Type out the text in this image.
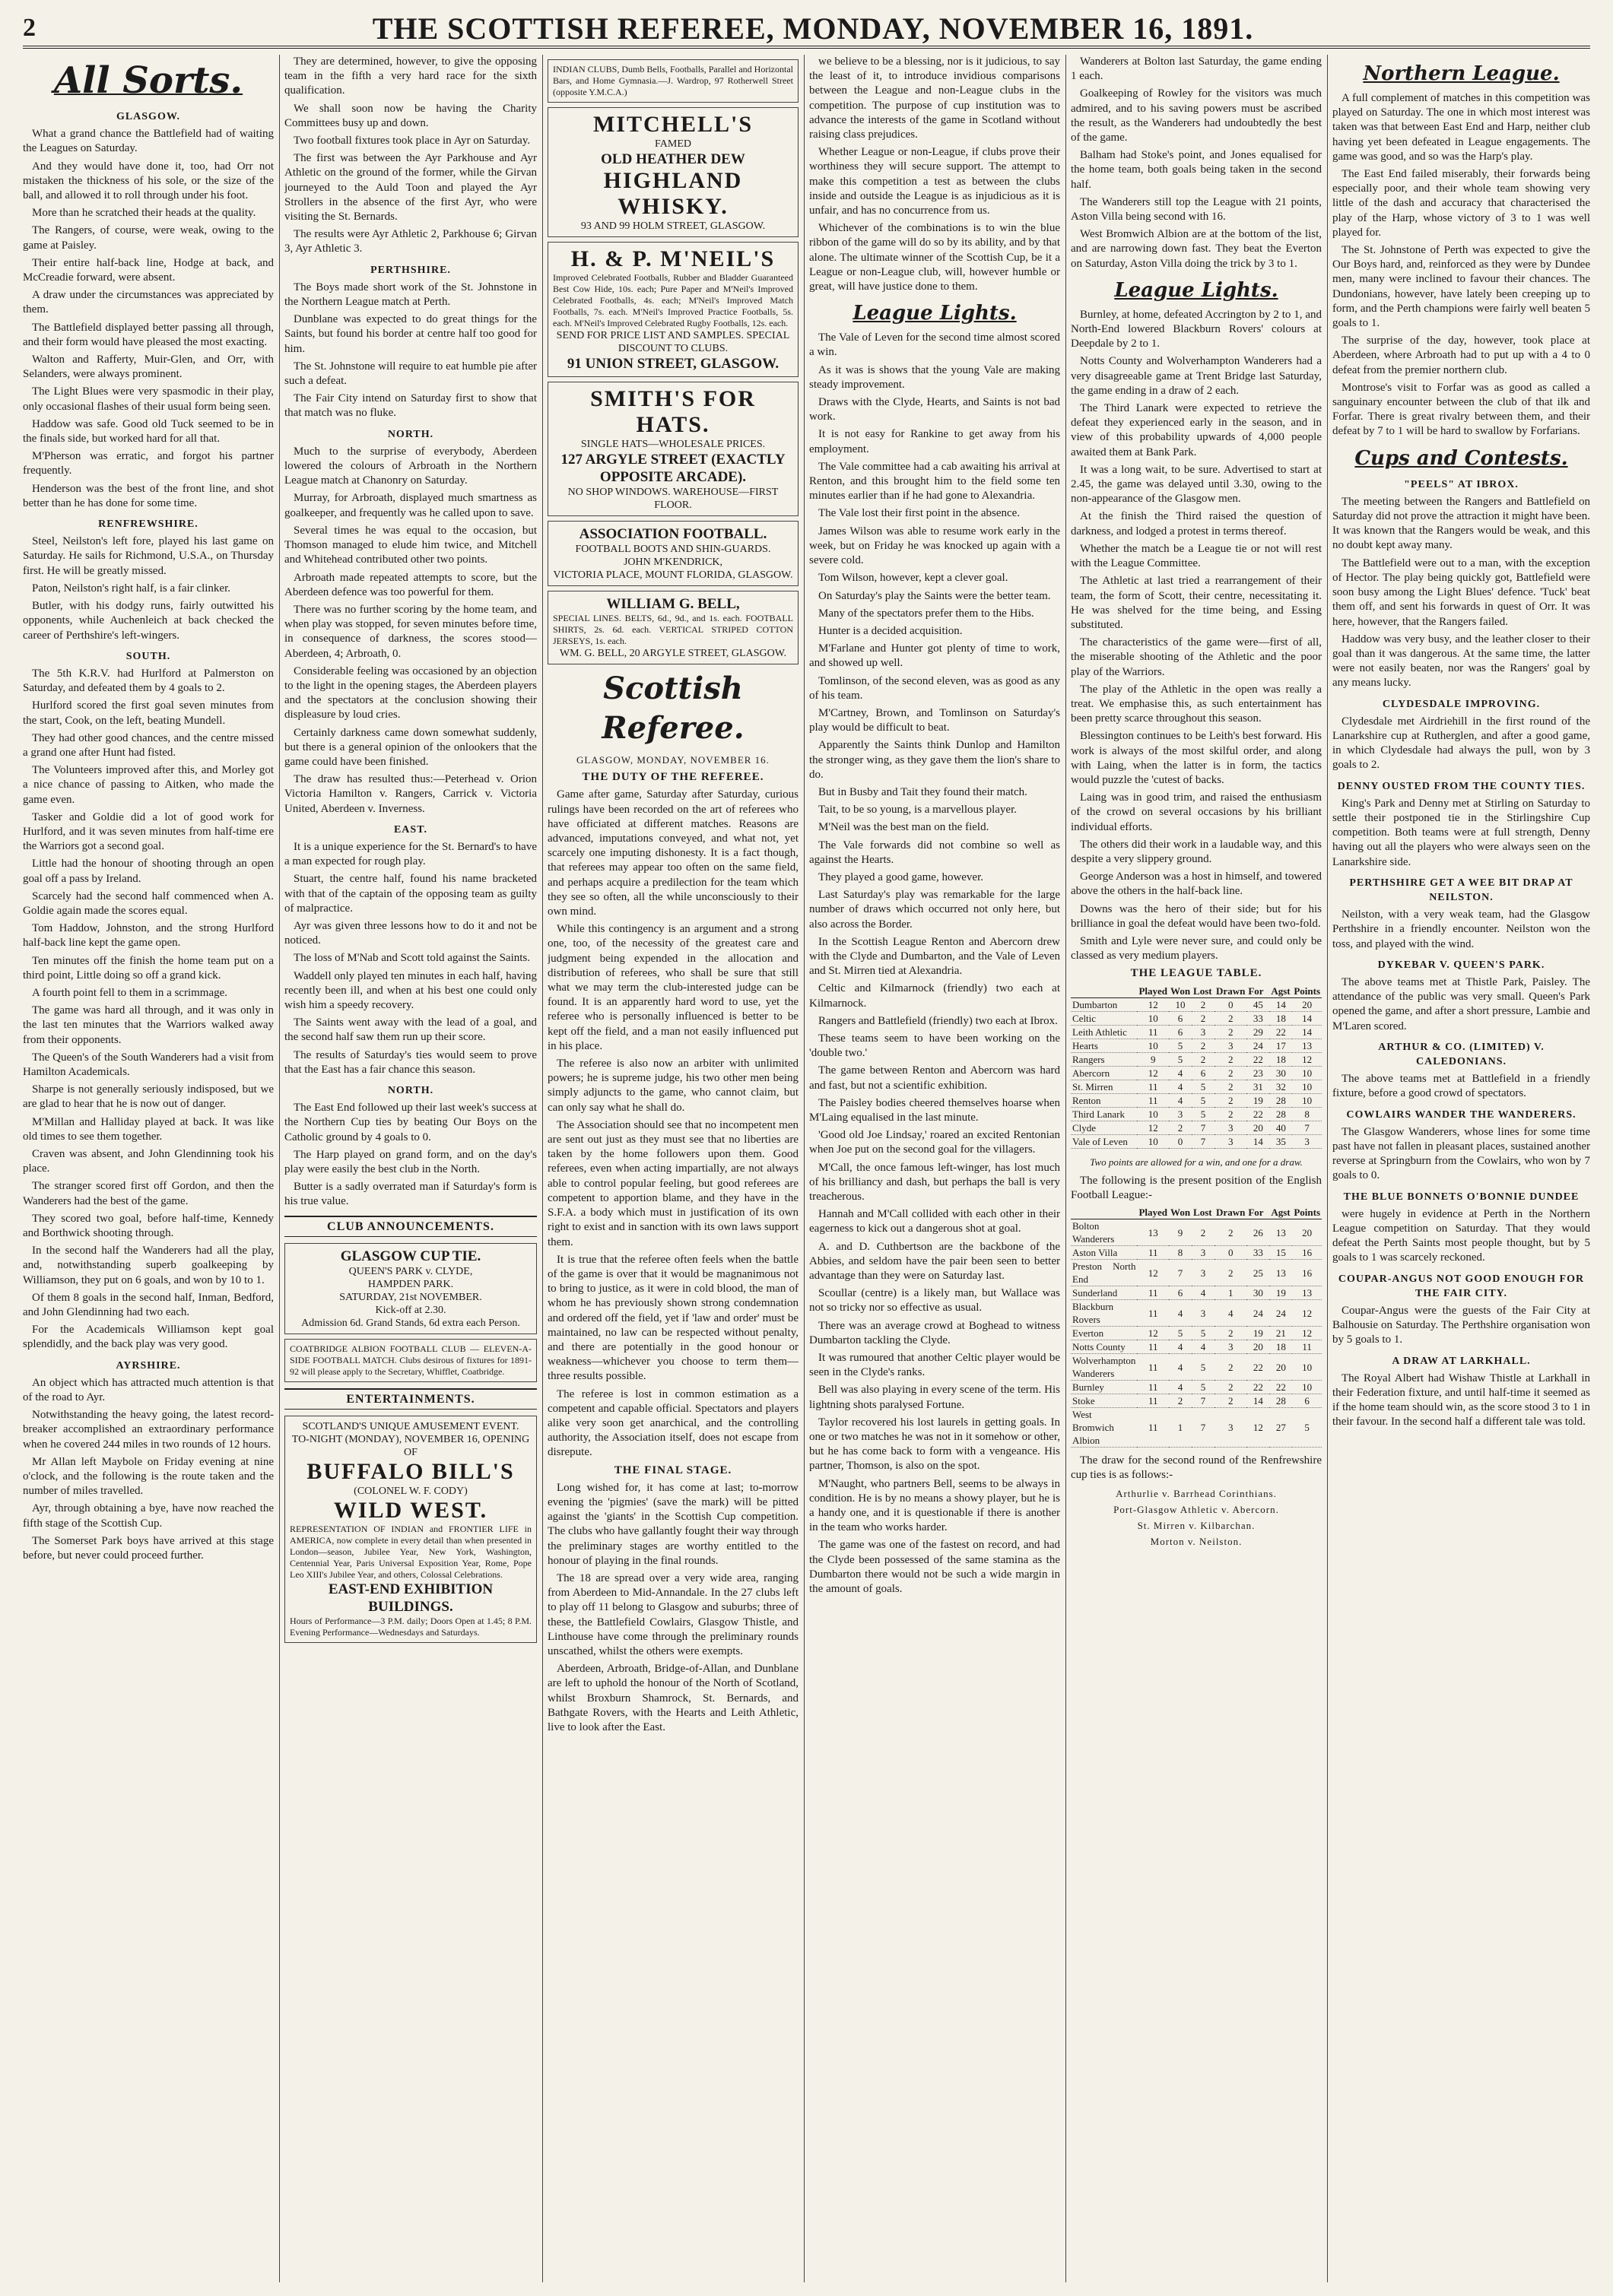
2	THE SCOTTISH REFEREE, MONDAY, NOVEMBER 16, 1891.
All Sorts.
GLASGOW.

What a grand chance the Battlefield had of waiting the Leagues on Saturday.

And they would have done it, too, had Orr not mistaken the thickness of his sole, or the size of the ball, and allowed it to roll through under his foot.

More than he scratched their heads at the quality.

The Rangers, of course, were weak, owing to the game at Paisley.

Their entire half-back line, Hodge at back, and McCreadie forward, were absent.

A draw under the circumstances was appreciated by them.

The Battlefield displayed better passing all through, and their form would have pleased the most exacting.

Walton and Rafferty, Muir-Glen, and Orr, with Selanders, were always prominent.

The Light Blues were very spasmodic in their play, only occasional flashes of their usual form being seen.

Haddow was safe. Good old Tuck seemed to be in the finals side, but worked hard for all that.

M'Pherson was erratic, and forgot his partner frequently.

Henderson was the best of the front line, and shot better than he has done for some time.

RENFREWSHIRE.

Steel, Neilston's left fore, played his last game on Saturday. He sails for Richmond, U.S.A., on Thursday first. He will be greatly missed.

Paton, Neilston's right half, is a fair clinker.

Butler, with his dodgy runs, fairly outwitted his opponents, while Auchenleich at back checked the career of Perthshire's left-wingers.

SOUTH.

The 5th K.R.V. had Hurlford at Palmerston on Saturday, and defeated them by 4 goals to 2.

Hurlford scored the first goal seven minutes from the start, Cook, on the left, beating Mundell.

They had other good chances, and the centre missed a grand one after Hunt had fisted.

The Volunteers improved after this, and Morley got a nice chance of passing to Aitken, who made the game even.

Tasker and Goldie did a lot of good work for Hurlford, and it was seven minutes from half-time ere the Warriors got a second goal.

Little had the honour of shooting through an open goal off a pass by Ireland.

Scarcely had the second half commenced when A. Goldie again made the scores equal.

Tom Haddow, Johnston, and the strong Hurlford half-back line kept the game open.

Ten minutes off the finish the home team put on a third point, Little doing so off a grand kick.

A fourth point fell to them in a scrimmage.

The game was hard all through, and it was only in the last ten minutes that the Warriors walked away from their opponents.

The Queen's of the South Wanderers had a visit from Hamilton Academicals.

Sharpe is not generally seriously indisposed, but we are glad to hear that he is now out of danger.

M'Millan and Halliday played at back. It was like old times to see them together.

Craven was absent, and John Glendinning took his place.

The stranger scored first off Gordon, and then the Wanderers had the best of the game.

They scored two goal, before half-time, Kennedy and Borthwick shooting through.

In the second half the Wanderers had all the play, and, notwithstanding superb goalkeeping by Williamson, they put on 6 goals, and won by 10 to 1.

Of them 8 goals in the second half, Inman, Bedford, and John Glendinning had two each.

For the Academicals Williamson kept goal splendidly, and the back play was very good.

AYRSHIRE.

An object which has attracted much attention is that of the road to Ayr.

Notwithstanding the heavy going, the latest record-breaker accomplished an extraordinary performance when he covered 244 miles in two rounds of 12 hours.

Mr Allan left Maybole on Friday evening at nine o'clock, and the following is the route taken and the number of miles travelled.

Ayr, through obtaining a bye, have now reached the fifth stage of the Scottish Cup.

The Somerset Park boys have arrived at this stage before, but never could proceed further.

They are determined, however, to give the opposing team in the fifth a very hard race for the sixth qualification.

We shall soon now be having the Charity Committees busy up and down.

Two football fixtures took place in Ayr on Saturday.

The first was between the Ayr Parkhouse and Ayr Athletic on the ground of the former, while the Girvan journeyed to the Auld Toon and played the Ayr Strollers in the absence of the first Ayr, who were visiting the St. Bernards.

The results were Ayr Athletic 2, Parkhouse 6; Girvan 3, Ayr Athletic 3.

PERTHSHIRE.

The Boys made short work of the St. Johnstone in the Northern League match at Perth.

Dunblane was expected to do great things for the Saints, but found his border at centre half too good for him.

The St. Johnstone will require to eat humble pie after such a defeat.

The Fair City intend on Saturday first to show that that match was no fluke.

NORTH.

Much to the surprise of everybody, Aberdeen lowered the colours of Arbroath in the Northern League match at Chanonry on Saturday.

Murray, for Arbroath, displayed much smartness as goalkeeper, and frequently was he called upon to save.

Several times he was equal to the occasion, but Thomson managed to elude him twice, and Mitchell and Whitehead contributed other two points.

Arbroath made repeated attempts to score, but the Aberdeen defence was too powerful for them.

There was no further scoring by the home team, and when play was stopped, for seven minutes before time, in consequence of darkness, the scores stood—Aberdeen, 4; Arbroath, 0.

Considerable feeling was occasioned by an objection to the light in the opening stages, the Aberdeen players and the spectators at the conclusion showing their displeasure by loud cries.

Certainly darkness came down somewhat suddenly, but there is a general opinion of the onlookers that the game could have been finished.

The draw has resulted thus:—Peterhead v. Orion Victoria Hamilton v. Rangers, Carrick v. Victoria United, Aberdeen v. Inverness.

EAST.

It is a unique experience for the St. Bernard's to have a man expected for rough play.

Stuart, the centre half, found his name bracketed with that of the captain of the opposing team as guilty of malpractice.

Ayr was given three lessons how to do it and not be noticed.

The loss of M'Nab and Scott told against the Saints.

Waddell only played ten minutes in each half, having recently been ill, and when at his best one could only wish him a speedy recovery.

The Saints went away with the lead of a goal, and the second half saw them run up their score.

The results of Saturday's ties would seem to prove that the East has a fair chance this season.

NORTH.

The East End followed up their last week's success at the Northern Cup ties by beating Our Boys on the Catholic ground by 4 goals to 0.

The Harp played on grand form, and on the day's play were easily the best club in the North.

Butter is a sadly overrated man if Saturday's form is his true value.

CLUB ANNOUNCEMENTS.
GLASGOW CUP TIE.
QUEEN'S PARK v. CLYDE,
HAMPDEN PARK.
SATURDAY, 21st NOVEMBER.
Kick-off at 2.30.
Admission 6d. Grand Stands, 6d extra each Person.
COATBRIDGE ALBION FOOTBALL CLUB — ELEVEN-A-SIDE FOOTBALL MATCH. Clubs desirous of fixtures for 1891-92 will please apply to the Secretary, Whifflet, Coatbridge.
ENTERTAINMENTS.
SCOTLAND'S UNIQUE AMUSEMENT EVENT.
TO-NIGHT (MONDAY), NOVEMBER 16, OPENING OF
BUFFALO BILL'S
(COLONEL W. F. CODY)
WILD WEST.
REPRESENTATION OF INDIAN and FRONTIER LIFE in AMERICA, now complete in every detail than when presented in London—season, Jubilee Year, New York, Washington, Centennial Year, Paris Universal Exposition Year, Rome, Pope Leo XIII's Jubilee Year, and others, Colossal Celebrations.
EAST-END EXHIBITION BUILDINGS.
Hours of Performance—3 P.M. daily; Doors Open at 1.45; 8 P.M. Evening Performance—Wednesdays and Saturdays.
INDIAN CLUBS, Dumb Bells, Footballs, Parallel and Horizontal Bars, and Home Gymnasia.—J. Wardrop, 97 Rotherwell Street (opposite Y.M.C.A.)
MITCHELL'S
FAMED
OLD HEATHER DEW
HIGHLAND WHISKY.
93 AND 99 HOLM STREET, GLASGOW.
H. & P. M'NEIL'S
Improved Celebrated Footballs, Rubber and Bladder Guaranteed Best Cow Hide, 10s. each; Pure Paper and M'Neil's Improved Celebrated Footballs, 4s. each; M'Neil's Improved Match Footballs, 7s. each. M'Neil's Improved Practice Footballs, 5s. each. M'Neil's Improved Celebrated Rugby Footballs, 12s. each.
SEND FOR PRICE LIST AND SAMPLES. SPECIAL DISCOUNT TO CLUBS.
91 UNION STREET, GLASGOW.
SMITH'S FOR HATS.
SINGLE HATS—WHOLESALE PRICES.
127 ARGYLE STREET (EXACTLY OPPOSITE ARCADE).
NO SHOP WINDOWS. WAREHOUSE—FIRST FLOOR.
ASSOCIATION FOOTBALL.
FOOTBALL BOOTS AND SHIN-GUARDS.
JOHN M'KENDRICK,
VICTORIA PLACE, MOUNT FLORIDA, GLASGOW.
WILLIAM G. BELL,
SPECIAL LINES. BELTS, 6d., 9d., and 1s. each. FOOTBALL SHIRTS, 2s. 6d. each. VERTICAL STRIPED COTTON JERSEYS, 1s. each.
WM. G. BELL, 20 ARGYLE STREET, GLASGOW.
Scottish Referee.
GLASGOW, MONDAY, NOVEMBER 16.
THE DUTY OF THE REFEREE.

Game after game, Saturday after Saturday, curious rulings have been recorded on the art of referees who have officiated at different matches. Reasons are advanced, imputations conveyed, and what not, yet scarcely one imputing dishonesty. It is a fact though, that referees may appear too often on the same field, and perhaps acquire a predilection for the team which they see so often, all the while unconsciously to their own mind.

While this contingency is an argument and a strong one, too, of the necessity of the greatest care and judgment being expended in the allocation and distribution of referees, who shall be sure that still what we may term the club-interested judge can be found. It is an apparently hard word to use, yet the referee who is personally influenced is better to be kept off the field, and a man not easily influenced put in his place.

The referee is also now an arbiter with unlimited powers; he is supreme judge, his two other men being simply adjuncts to the game, who cannot claim, but can only say what he shall do.

The Association should see that no incompetent men are sent out just as they must see that no liberties are taken by the home followers upon them. Good referees, even when acting impartially, are not always able to control popular feeling, but good referees are competent to apportion blame, and they have in the S.F.A. a body which must in justification of its own right to exist and in sanction with its own laws support them.

It is true that the referee often feels when the battle of the game is over that it would be magnanimous not to bring to justice, as it were in cold blood, the man of whom he has previously shown strong condemnation and ordered off the field, yet if 'law and order' must be maintained, no law can be respected without penalty, and there are potentially in the good honour or weakness—whichever you choose to term them—three results possible.

The referee is lost in common estimation as a competent and capable official. Spectators and players alike very soon get anarchical, and the controlling authority, the Association itself, does not escape from disrepute.

THE FINAL STAGE.

Long wished for, it has come at last; to-morrow evening the 'pigmies' (save the mark) will be pitted against the 'giants' in the Scottish Cup competition. The clubs who have gallantly fought their way through the preliminary stages are worthy entitled to the honour of playing in the final rounds.

The 18 are spread over a very wide area, ranging from Aberdeen to Mid-Annandale. In the 27 clubs left to play off 11 belong to Glasgow and suburbs; three of these, the Battlefield Cowlairs, Glasgow Thistle, and Linthouse have come through the preliminary rounds unscathed, whilst the others were exempts.

Aberdeen, Arbroath, Bridge-of-Allan, and Dunblane are left to uphold the honour of the North of Scotland, whilst Broxburn Shamrock, St. Bernards, and Bathgate Rovers, with the Hearts and Leith Athletic, live to look after the East.

we believe to be a blessing, nor is it judicious, to say the least of it, to introduce invidious comparisons between the League and non-League clubs in the competition. The purpose of cup institution was to advance the interests of the game in Scotland without raising class prejudices.

Whether League or non-League, if clubs prove their worthiness they will secure support. The attempt to make this competition a test as between the clubs inside and outside the League is as injudicious as it is unfair, and has no concurrence from us.

Whichever of the combinations is to win the blue ribbon of the game will do so by its ability, and by that alone. The ultimate winner of the Scottish Cup, be it a League or non-League club, will, however humble or great, will have justice done to them.

League Lights.

The Vale of Leven for the second time almost scored a win.

As it was is shows that the young Vale are making steady improvement.

Draws with the Clyde, Hearts, and Saints is not bad work.

It is not easy for Rankine to get away from his employment.

The Vale committee had a cab awaiting his arrival at Renton, and this brought him to the field some ten minutes earlier than if he had gone to Alexandria.

The Vale lost their first point in the absence.

James Wilson was able to resume work early in the week, but on Friday he was knocked up again with a severe cold.

Tom Wilson, however, kept a clever goal.

On Saturday's play the Saints were the better team.

Many of the spectators prefer them to the Hibs.

Hunter is a decided acquisition.

M'Farlane and Hunter got plenty of time to work, and showed up well.

Tomlinson, of the second eleven, was as good as any of his team.

M'Cartney, Brown, and Tomlinson on Saturday's play would be difficult to beat.

Apparently the Saints think Dunlop and Hamilton the stronger wing, as they gave them the lion's share to do.

But in Busby and Tait they found their match.

Tait, to be so young, is a marvellous player.

M'Neil was the best man on the field.

The Vale forwards did not combine so well as against the Hearts.

They played a good game, however.

Last Saturday's play was remarkable for the large number of draws which occurred not only here, but also across the Border.

In the Scottish League Renton and Abercorn drew with the Clyde and Dumbarton, and the Vale of Leven and St. Mirren tied at Alexandria.

Celtic and Kilmarnock (friendly) two each at Kilmarnock.

Rangers and Battlefield (friendly) two each at Ibrox.

These teams seem to have been working on the 'double two.'

The game between Renton and Abercorn was hard and fast, but not a scientific exhibition.

The Paisley bodies cheered themselves hoarse when M'Laing equalised in the last minute.

'Good old Joe Lindsay,' roared an excited Rentonian when Joe put on the second goal for the villagers.

M'Call, the once famous left-winger, has lost much of his brilliancy and dash, but perhaps the ball is very treacherous.

Hannah and M'Call collided with each other in their eagerness to kick out a dangerous shot at goal.

A. and D. Cuthbertson are the backbone of the Abbies, and seldom have the pair been seen to better advantage than they were on Saturday last.

Scoullar (centre) is a likely man, but Wallace was not so tricky nor so effective as usual.

There was an average crowd at Boghead to witness Dumbarton tackling the Clyde.

It was rumoured that another Celtic player would be seen in the Clyde's ranks.

Bell was also playing in every scene of the term. His lightning shots paralysed Fortune.

Taylor recovered his lost laurels in getting goals. In one or two matches he was not in it somehow or other, but he has come back to form with a vengeance. His partner, Thomson, is also on the spot.

M'Naught, who partners Bell, seems to be always in condition. He is by no means a showy player, but he is a handy one, and it is questionable if there is another in the team who works harder.

The game was one of the fastest on record, and had the Clyde been possessed of the same stamina as the Dumbarton there would not be such a wide margin in the amount of goals.

Wanderers at Bolton last Saturday, the game ending 1 each.

Goalkeeping of Rowley for the visitors was much admired, and to his saving powers must be ascribed the result, as the Wanderers had undoubtedly the best of the game.

Balham had Stoke's point, and Jones equalised for the home team, both goals being taken in the second half.

The Wanderers still top the League with 21 points, Aston Villa being second with 16.

West Bromwich Albion are at the bottom of the list, and are narrowing down fast. They beat the Everton on Saturday, Aston Villa doing the trick by 3 to 1.

League Lights.

Burnley, at home, defeated Accrington by 2 to 1, and North-End lowered Blackburn Rovers' colours at Deepdale by 2 to 1.

Notts County and Wolverhampton Wanderers had a very disagreeable game at Trent Bridge last Saturday, the game ending in a draw of 2 each.

The Third Lanark were expected to retrieve the defeat they experienced early in the season, and in view of this probability upwards of 4,000 people awaited them at Bank Park.

It was a long wait, to be sure. Advertised to start at 2.45, the game was delayed until 3.30, owing to the non-appearance of the Glasgow men.

At the finish the Third raised the question of darkness, and lodged a protest in terms thereof.

Whether the match be a League tie or not will rest with the League Committee.

The Athletic at last tried a rearrangement of their team, the form of Scott, their centre, necessitating it. He was shelved for the time being, and Essing substituted.

The characteristics of the game were—first of all, the miserable shooting of the Athletic and the poor play of the Warriors.

The play of the Athletic in the open was really a treat. We emphasise this, as such entertainment has been pretty scarce throughout this season.

Blessington continues to be Leith's best forward. His work is always of the most skilful order, and along with Laing, when the latter is in form, the tactics would puzzle the 'cutest of backs.

Laing was in good trim, and raised the enthusiasm of the crowd on several occasions by his brilliant individual efforts.

The others did their work in a laudable way, and this despite a very slippery ground.

George Anderson was a host in himself, and towered above the others in the half-back line.

Downs was the hero of their side; but for his brilliance in goal the defeat would have been two-fold.

Smith and Lyle were never sure, and could only be classed as very medium players.

THE LEAGUE TABLE.
	Played	Won	Lost	Drawn	For	Agst	Points
Dumbarton	12	10	2	0	45	14	20
Celtic	10	6	2	2	33	18	14
Leith Athletic	11	6	3	2	29	22	14
Hearts	10	5	2	3	24	17	13
Rangers	9	5	2	2	22	18	12
Abercorn	12	4	6	2	23	30	10
St. Mirren	11	4	5	2	31	32	10
Renton	11	4	5	2	19	28	10
Third Lanark	10	3	5	2	22	28	8
Clyde	12	2	7	3	20	40	7
Vale of Leven	10	0	7	3	14	35	3
Two points are allowed for a win, and one for a draw.

The following is the present position of the English Football League:-

	Played	Won	Lost	Drawn	For	Agst	Points
Bolton Wanderers	13	9	2	2	26	13	20
Aston Villa	11	8	3	0	33	15	16
Preston North End	12	7	3	2	25	13	16
Sunderland	11	6	4	1	30	19	13
Blackburn Rovers	11	4	3	4	24	24	12
Everton	12	5	5	2	19	21	12
Notts County	11	4	4	3	20	18	11
Wolverhampton Wanderers	11	4	5	2	22	20	10
Burnley	11	4	5	2	22	22	10
Stoke	11	2	7	2	14	28	6
West Bromwich Albion	11	1	7	3	12	27	5

The draw for the second round of the Renfrewshire cup ties is as follows:-

Arthurlie v. Barrhead Corinthians.
Port-Glasgow Athletic v. Abercorn.
St. Mirren v. Kilbarchan.
Morton v. Neilston.
Northern League.

A full complement of matches in this competition was played on Saturday. The one in which most interest was taken was that between East End and Harp, neither club having yet been defeated in League engagements. The game was good, and so was the Harp's play.

The East End failed miserably, their forwards being especially poor, and their whole team showing very little of the dash and accuracy that characterised the play of the Harp, whose victory of 3 to 1 was well played for.

The St. Johnstone of Perth was expected to give the Our Boys hard, and, reinforced as they were by Dundee men, many were inclined to favour their chances. The Dundonians, however, have lately been creeping up to form, and the Perth champions were fairly well beaten 5 goals to 1.

The surprise of the day, however, took place at Aberdeen, where Arbroath had to put up with a 4 to 0 defeat from the premier northern club.

Montrose's visit to Forfar was as good as called a sanguinary encounter between the club of that ilk and Forfar. There is great rivalry between them, and their defeat by 7 to 1 will be hard to swallow by Forfarians.

Cups and Contests.
"PEELS" AT IBROX.

The meeting between the Rangers and Battlefield on Saturday did not prove the attraction it might have been. It was known that the Rangers would be weak, and this no doubt kept away many.

The Battlefield were out to a man, with the exception of Hector. The play being quickly got, Battlefield were soon busy among the Light Blues' defence. 'Tuck' beat them off, and sent his forwards in quest of Orr. It was here, however, that the Rangers failed.

Haddow was very busy, and the leather closer to their goal than it was dangerous. At the same time, the latter were not easily beaten, nor was the Rangers' goal by any means lucky.

CLYDESDALE IMPROVING.

Clydesdale met Airdriehill in the first round of the Lanarkshire cup at Rutherglen, and after a good game, in which Clydesdale had always the pull, won by 3 goals to 2.

DENNY OUSTED FROM THE COUNTY TIES.

King's Park and Denny met at Stirling on Saturday to settle their postponed tie in the Stirlingshire Cup competition. Both teams were at full strength, Denny having out all the players who were always seen on the Lanarkshire side.

PERTHSHIRE GET A WEE BIT DRAP AT NEILSTON.

Neilston, with a very weak team, had the Glasgow Perthshire in a friendly encounter. Neilston won the toss, and played with the wind.

DYKEBAR V. QUEEN'S PARK.

The above teams met at Thistle Park, Paisley. The attendance of the public was very small. Queen's Park opened the game, and after a short pressure, Lambie and M'Laren scored.

ARTHUR & CO. (LIMITED) V. CALEDONIANS.

The above teams met at Battlefield in a friendly fixture, before a good crowd of spectators.

COWLAIRS WANDER THE WANDERERS.

The Glasgow Wanderers, whose lines for some time past have not fallen in pleasant places, sustained another reverse at Springburn from the Cowlairs, who won by 7 goals to 0.

THE BLUE BONNETS O'BONNIE DUNDEE

were hugely in evidence at Perth in the Northern League competition on Saturday. That they would defeat the Perth Saints most people thought, but by 5 goals to 1 was scarcely reckoned.

COUPAR-ANGUS NOT GOOD ENOUGH FOR THE FAIR CITY.

Coupar-Angus were the guests of the Fair City at Balhousie on Saturday. The Perthshire organisation won by 5 goals to 1.

A DRAW AT LARKHALL.

The Royal Albert had Wishaw Thistle at Larkhall in their Federation fixture, and until half-time it seemed as if the home team should win, as the score stood 3 to 1 in their favour. In the second half a different tale was told.
